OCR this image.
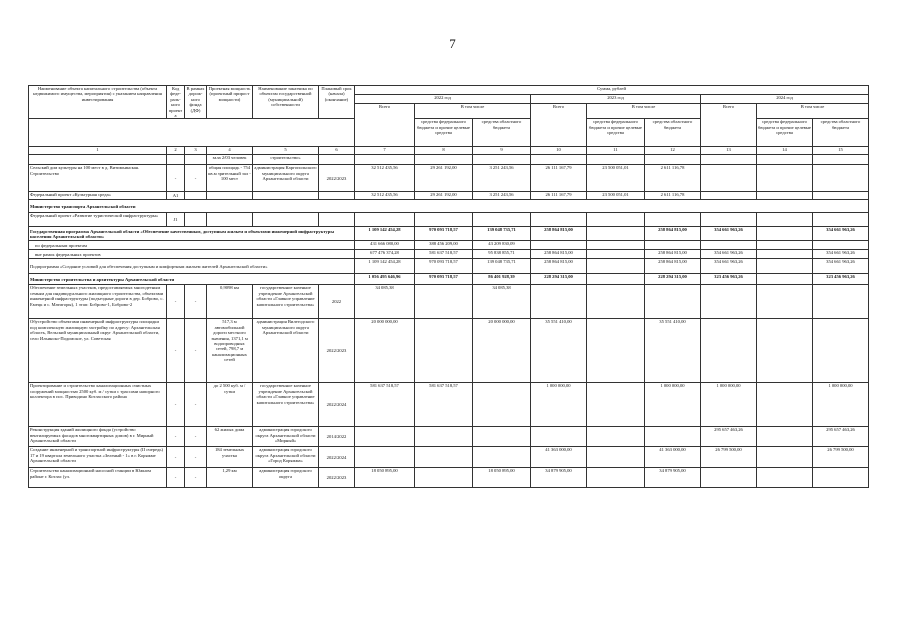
7
Наименование объекта капитального строительства (объекта недвижимого имущества, мероприятия) с указанием направления инвестирования	Код феде-раль-ного проекта	В рамках дорож-ного фонда (ДФ)	Проектная мощность (проектный прирост мощности)	Наименование заказчика по объектам государственной (муниципальной) собственности	Плановый срок (начала) (окончание)	Сумма, рублей								
						2022 год			2023 год			2024 год		
						Всего	В том числе		Всего	В том числе		Всего	В том числе	
							средства федерального бюджета и прочие целевые средства	средства областного бюджета		средства федерального бюджета и прочие целевые средства	средства областного бюджета		средства федерального бюджета и прочие целевые средства	средства областного бюджета
1	2	3	4	5	6	7	8	9	10	11	12	13	14	15
			зала 2/03 человек	строительство»										
Сельский дом культуры на 100 мест в д. Витимьинская. Строительство	-	-	общая площадь - 754 кв.м зрительный зал - 100 мест	администрация Каргопольского муниципального округа Архангельской области	2022/2023	32 512 435,56	29 261 192,00	3 251 243,56	26 111 167,79	23 500 051,01	2 611 116,78			
Федеральный проект «Культурная среда»	А1					32 512 435,56	29 261 192,00	3 251 243,56	26 111 167,79	23 500 051,01	2 611 116,78			
Министерство транспорта Архангельской области														
Федеральный проект «Развитие туристической инфраструктуры»	J1													
Государственная программа Архангельской области «Обеспечение качественным, доступным жильем и объектами инженерной инфраструктуры населения Архангельской области»						1 109 142 454,28	970 093 718,57	139 048 735,71	258 864 815,00		258 864 815,00	354 661 963,26		354 661 963,26
по федеральным проектам						431 666 080,00	388 456 209,00	43 209 830,09						
вне рамок федеральных проектов						677 476 374,28	581 637 518,57	95 838 855,71	258 864 815,00		258 864 815,00	354 661 963,26		354 661 963,26
Подпрограмма «Создание условий для обеспечения доступным и комфортным жильем жителей Архангельской области»						1 109 142 454,28	970 093 718,57	139 048 735,71	258 864 815,00		258 864 815,00	354 661 963,26		354 661 963,26
Министерство строительства и архитектуры Архангельской области						1 056 495 646,96	970 093 718,57	86 401 928,39	228 294 315,00		228 294 315,00	323 456 963,26		323 456 963,26
Обеспечение земельных участков, предоставляемых многодетным семьям для индивидуального жилищного строительства, объектами инженерной инфраструктуры (подъездные дороги в дер. Боброво, с. Емецк и с. Матигоры), 1 этап: Боброво-1, Боброво-2	-	-	0,9098 км	государственное казенное учреждение Архангельской области «Главное управление капитального строительства»	2022	34 085,38		34 085,38						
Обустройство объектами инженерной инфраструктуры площадки под комплексную жилищную застройку по адресу: Архангельская область, Вельский муниципальный округ Архангельской области, село Ильинско-Подомское, ул. Советская	-	-	517,3 м автомобильной дороги местного значения, 1371,1 м водопроводных сетей, 798,7 м канализационных сетей	администрация Вилегодского муниципального округа Архангельской области	2022/2023	20 000 000,00		20 000 000,00	35 551 410,00		35 551 410,00			
Проектирование и строительство канализационных очистных сооружений мощностью 2500 куб. м / сутки с трассами напорного коллектора в пос. Приводино Котласского района	-	-	до 2 500 куб. м / сутки	государственное казенное учреждение Архангельской области «Главное управление капитального строительства»	2022/2024	581 637 518,57	581 637 518,57		1 000 000,00		1 000 000,00	1 000 000,00		1 000 000,00
Реконструкция зданий жилищного фонда (устройство вентилируемых фасадов многоквартирных домов) в г. Мирный Архангельской области	-	-	62 жилых дома	администрация городского округа Архангельской области «Мирный»	2014/2022							295 657 463,26		295 657 463,26
Создание инженерной и транспортной инфраструктуры (II очередь) 17 и 19 квартала земельного участка «Зеленый - 1» в г. Коряжме Архангельской области	-	-	184 земельных участка	администрация городского округа Архангельской области «Город Коряжма»	2022/2024				41 363 000,00		41 363 000,00	26 799 500,00		26 799 500,00
Строительство канализационной насосной станции в Южном районе г. Котлас (ул.	-	-	1,29 км	администрация городского округа	2022/2023	18 050 895,00		18 050 895,00	34 879 905,00		34 879 905,00			
